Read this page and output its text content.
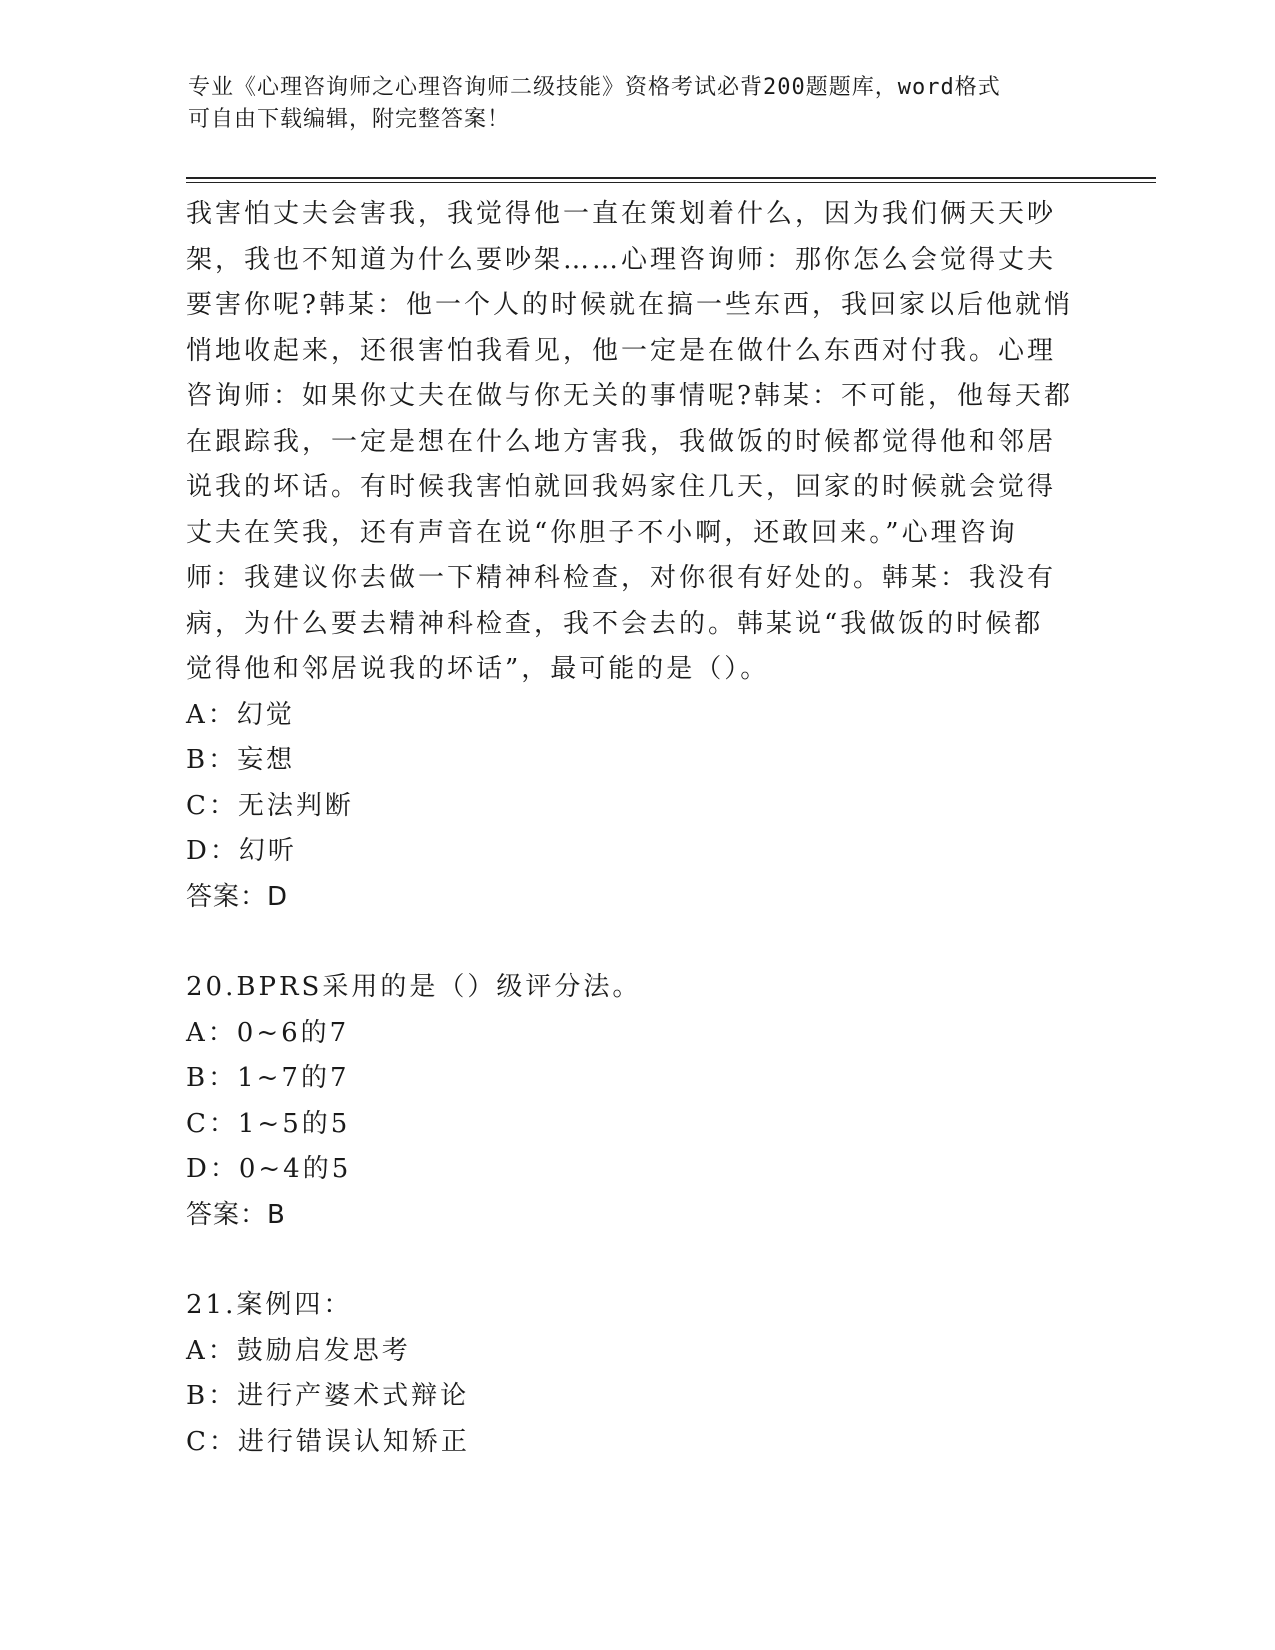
专业《心理咨询师之心理咨询师二级技能》资格考试必背200题题库，word格式
可自由下载编辑，附完整答案！
我害怕丈夫会害我，我觉得他一直在策划着什么，因为我们俩天天吵
架，我也不知道为什么要吵架……心理咨询师：那你怎么会觉得丈夫
要害你呢?韩某：他一个人的时候就在搞一些东西，我回家以后他就悄
悄地收起来，还很害怕我看见，他一定是在做什么东西对付我。心理
咨询师：如果你丈夫在做与你无关的事情呢?韩某：不可能，他每天都
在跟踪我，一定是想在什么地方害我，我做饭的时候都觉得他和邻居
说我的坏话。有时候我害怕就回我妈家住几天，回家的时候就会觉得
丈夫在笑我，还有声音在说“你胆子不小啊，还敢回来。”心理咨询
师：我建议你去做一下精神科检查，对你很有好处的。韩某：我没有
病，为什么要去精神科检查，我不会去的。韩某说“我做饭的时候都
觉得他和邻居说我的坏话”，最可能的是（）。
A：幻觉
B：妄想
C：无法判断
D：幻听
答案：D
20.BPRS采用的是（）级评分法。
A：0~6的7
B：1~7的7
C：1~5的5
D：0~4的5
答案：B
21.案例四：
A：鼓励启发思考
B：进行产婆术式辩论
C：进行错误认知矫正
